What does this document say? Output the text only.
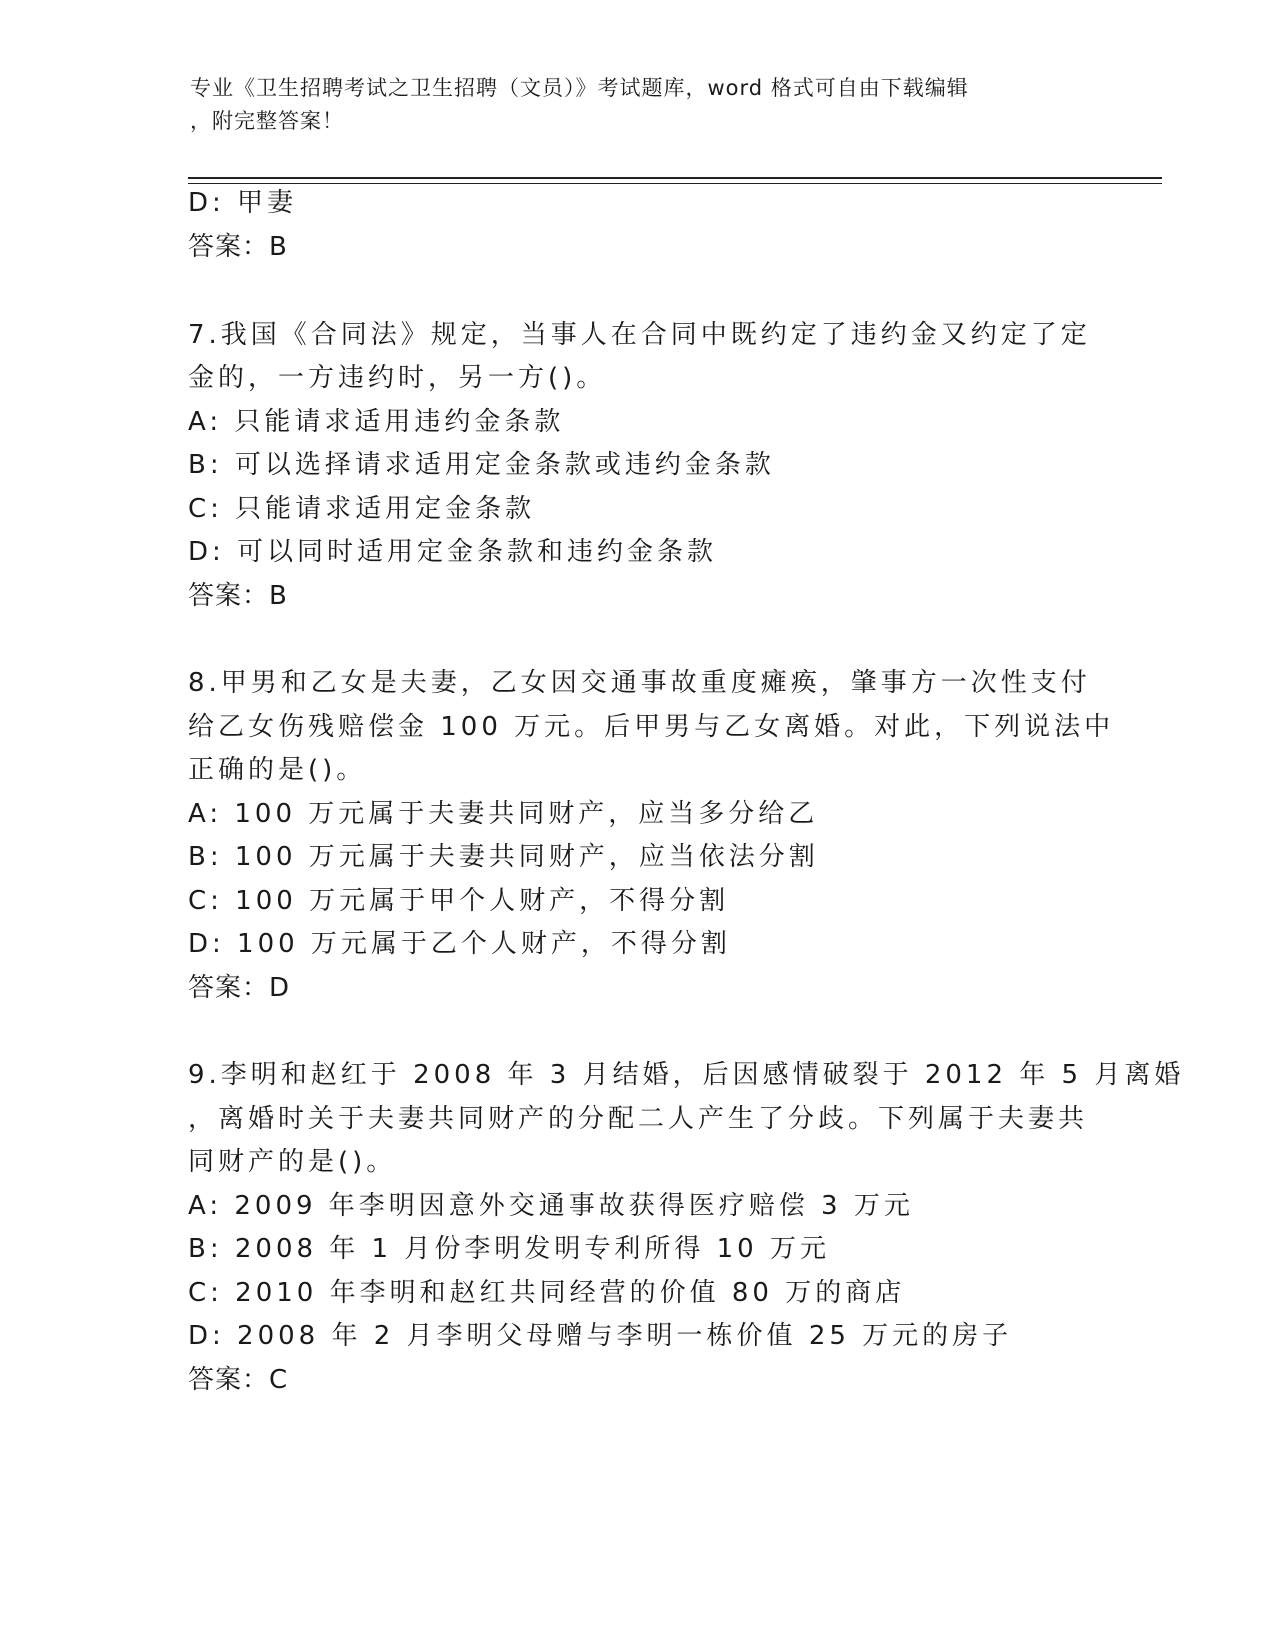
专业《卫生招聘考试之卫生招聘（文员）》考试题库，word 格式可自由下载编辑
，附完整答案！
D: 甲妻
答案：B
7.我国《合同法》规定，当事人在合同中既约定了违约金又约定了定
金的，一方违约时，另一方()。
A: 只能请求适用违约金条款
B: 可以选择请求适用定金条款或违约金条款
C: 只能请求适用定金条款
D: 可以同时适用定金条款和违约金条款
答案：B
8.甲男和乙女是夫妻，乙女因交通事故重度瘫痪，肇事方一次性支付
给乙女伤残赔偿金 100 万元。后甲男与乙女离婚。对此，下列说法中
正确的是()。
A: 100 万元属于夫妻共同财产，应当多分给乙
B: 100 万元属于夫妻共同财产，应当依法分割
C: 100 万元属于甲个人财产，不得分割
D: 100 万元属于乙个人财产，不得分割
答案：D
9.李明和赵红于 2008 年 3 月结婚，后因感情破裂于 2012 年 5 月离婚
，离婚时关于夫妻共同财产的分配二人产生了分歧。下列属于夫妻共
同财产的是()。
A: 2009 年李明因意外交通事故获得医疗赔偿 3 万元
B: 2008 年 1 月份李明发明专利所得 10 万元
C: 2010 年李明和赵红共同经营的价值 80 万的商店
D: 2008 年 2 月李明父母赠与李明一栋价值 25 万元的房子
答案：C
